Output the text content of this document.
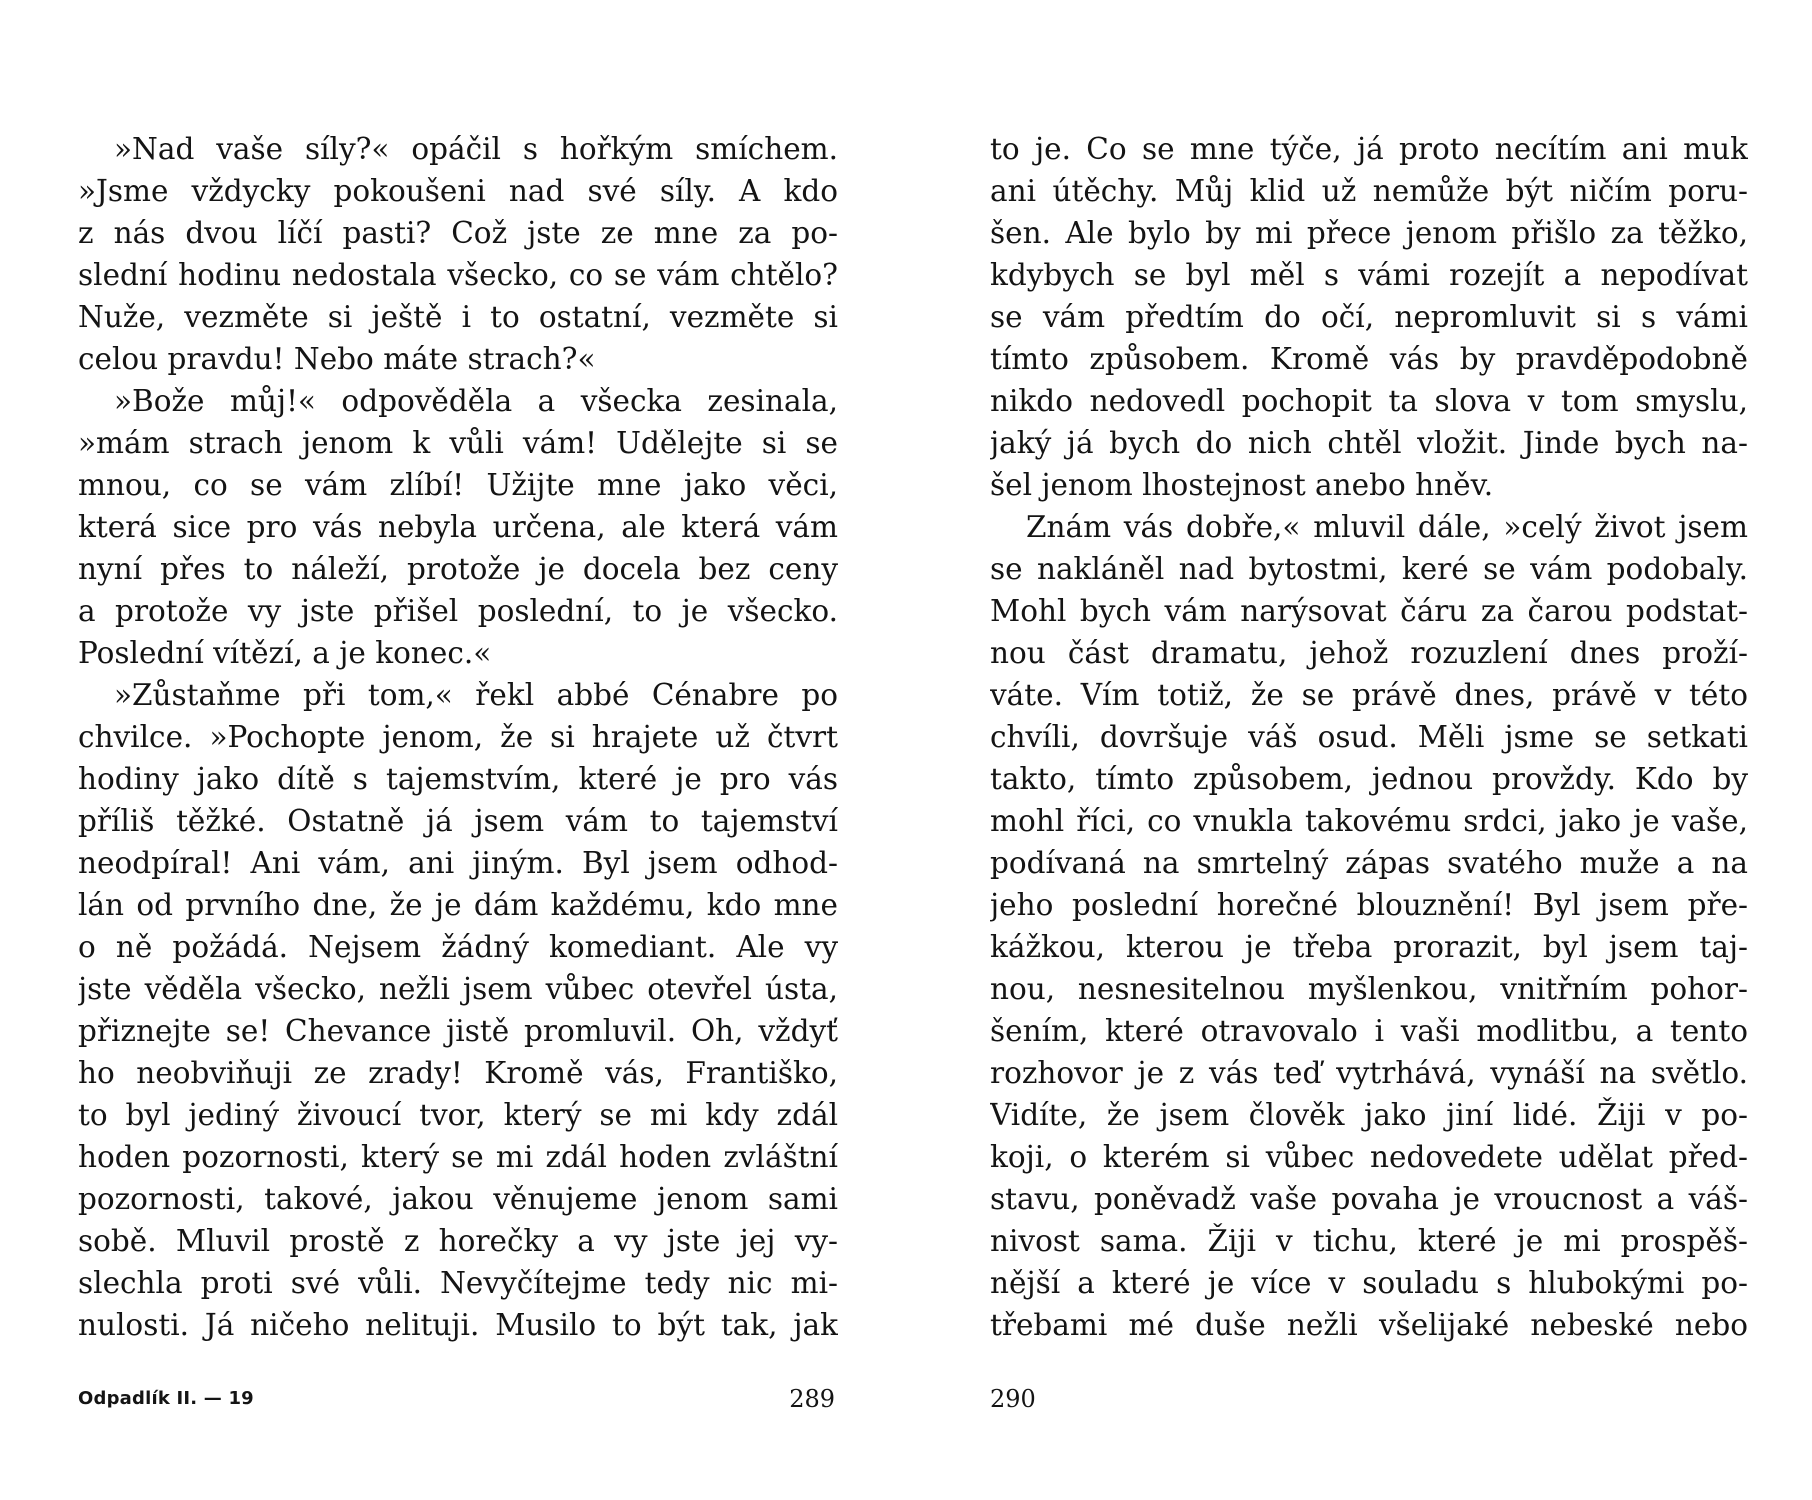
»Nad vaše síly?« opáčil s hořkým smíchem.
»Jsme vždycky pokoušeni nad své síly. A kdo
z nás dvou líčí pasti? Což jste ze mne za po-
slední hodinu nedostala všecko, co se vám chtělo?
Nuže, vezměte si ještě i to ostatní, vezměte si
celou pravdu! Nebo máte strach?«
»Bože můj!« odpověděla a všecka zesinala,
»mám strach jenom k vůli vám! Udělejte si se
mnou, co se vám zlíbí! Užijte mne jako věci,
která sice pro vás nebyla určena, ale která vám
nyní přes to náleží, protože je docela bez ceny
a protože vy jste přišel poslední, to je všecko.
Poslední vítězí, a je konec.«
»Zůstaňme při tom,« řekl abbé Cénabre po
chvilce. »Pochopte jenom, že si hrajete už čtvrt
hodiny jako dítě s tajemstvím, které je pro vás
příliš těžké. Ostatně já jsem vám to tajemství
neodpíral! Ani vám, ani jiným. Byl jsem odhod-
lán od prvního dne, že je dám každému, kdo mne
o ně požádá. Nejsem žádný komediant. Ale vy
jste věděla všecko, nežli jsem vůbec otevřel ústa,
přiznejte se! Chevance jistě promluvil. Oh, vždyť
ho neobviňuji ze zrady! Kromě vás, Františko,
to byl jediný živoucí tvor, který se mi kdy zdál
hoden pozornosti, který se mi zdál hoden zvláštní
pozornosti, takové, jakou věnujeme jenom sami
sobě. Mluvil prostě z horečky a vy jste jej vy-
slechla proti své vůli. Nevyčítejme tedy nic mi-
nulosti. Já ničeho nelituji. Musilo to být tak, jak
to je. Co se mne týče, já proto necítím ani muk
ani útěchy. Můj klid už nemůže být ničím poru-
šen. Ale bylo by mi přece jenom přišlo za těžko,
kdybych se byl měl s vámi rozejít a nepodívat
se vám předtím do očí, nepromluvit si s vámi
tímto způsobem. Kromě vás by pravděpodobně
nikdo nedovedl pochopit ta slova v tom smyslu,
jaký já bych do nich chtěl vložit. Jinde bych na-
šel jenom lhostejnost anebo hněv.
Znám vás dobře,« mluvil dále, »celý život jsem
se nakláněl nad bytostmi, keré se vám podobaly.
Mohl bych vám narýsovat čáru za čarou podstat-
nou část dramatu, jehož rozuzlení dnes proží-
váte. Vím totiž, že se právě dnes, právě v této
chvíli, dovršuje váš osud. Měli jsme se setkati
takto, tímto způsobem, jednou provždy. Kdo by
mohl říci, co vnukla takovému srdci, jako je vaše,
podívaná na smrtelný zápas svatého muže a na
jeho poslední horečné blouznění! Byl jsem pře-
kážkou, kterou je třeba prorazit, byl jsem taj-
nou, nesnesitelnou myšlenkou, vnitřním pohor-
šením, které otravovalo i vaši modlitbu, a tento
rozhovor je z vás teď vytrhává, vynáší na světlo.
Vidíte, že jsem člověk jako jiní lidé. Žiji v po-
koji, o kterém si vůbec nedovedete udělat před-
stavu, poněvadž vaše povaha je vroucnost a váš-
nivost sama. Žiji v tichu, které je mi prospěš-
nější a které je více v souladu s hlubokými po-
třebami mé duše nežli všelijaké nebeské nebo
Odpadlík II. — 19	289	290
